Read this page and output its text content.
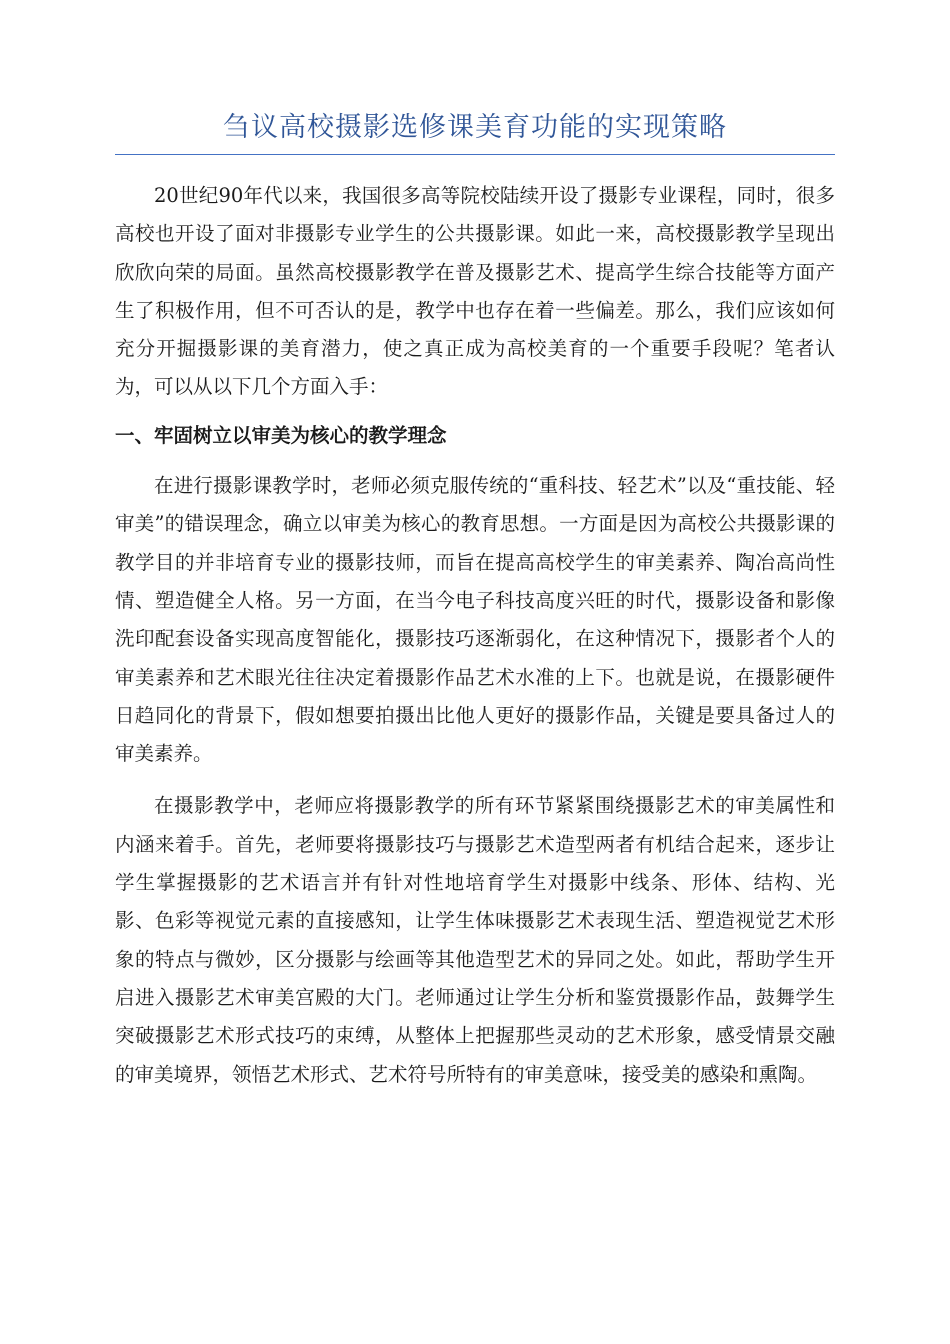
刍议高校摄影选修课美育功能的实现策略

20世纪90年代以来，我国很多高等院校陆续开设了摄影专业课程，同时，很多高校也开设了面对非摄影专业学生的公共摄影课。如此一来，高校摄影教学呈现出欣欣向荣的局面。虽然高校摄影教学在普及摄影艺术、提高学生综合技能等方面产生了积极作用，但不可否认的是，教学中也存在着一些偏差。那么，我们应该如何充分开掘摄影课的美育潜力，使之真正成为高校美育的一个重要手段呢？笔者认为，可以从以下几个方面入手：

一、牢固树立以审美为核心的教学理念

在进行摄影课教学时，老师必须克服传统的“重科技、轻艺术”以及“重技能、轻审美”的错误理念，确立以审美为核心的教育思想。一方面是因为高校公共摄影课的教学目的并非培育专业的摄影技师，而旨在提高高校学生的审美素养、陶冶高尚性情、塑造健全人格。另一方面，在当今电子科技高度兴旺的时代，摄影设备和影像洗印配套设备实现高度智能化，摄影技巧逐渐弱化，在这种情况下，摄影者个人的审美素养和艺术眼光往往决定着摄影作品艺术水准的上下。也就是说，在摄影硬件日趋同化的背景下，假如想要拍摄出比他人更好的摄影作品，关键是要具备过人的审美素养。

在摄影教学中，老师应将摄影教学的所有环节紧紧围绕摄影艺术的审美属性和内涵来着手。首先，老师要将摄影技巧与摄影艺术造型两者有机结合起来，逐步让学生掌握摄影的艺术语言并有针对性地培育学生对摄影中线条、形体、结构、光影、色彩等视觉元素的直接感知，让学生体味摄影艺术表现生活、塑造视觉艺术形象的特点与微妙，区分摄影与绘画等其他造型艺术的异同之处。如此，帮助学生开启进入摄影艺术审美宫殿的大门。老师通过让学生分析和鉴赏摄影作品，鼓舞学生突破摄影艺术形式技巧的束缚，从整体上把握那些灵动的艺术形象，感受情景交融的审美境界，领悟艺术形式、艺术符号所特有的审美意味，接受美的感染和熏陶。
